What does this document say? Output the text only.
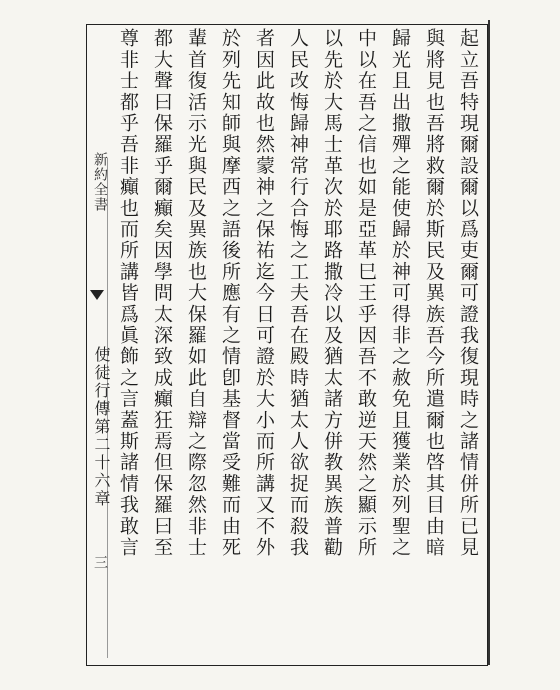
新約全書
使徒行傳第二十六章
三
起立吾特現爾設爾以爲吏爾可證我復現時之諸情併所已見
與將見也吾將救爾於斯民及異族吾今所遣爾也啓其目由暗
歸光且出撒殫之能使歸於神可得非之赦免且獲業於列聖之
中以在吾之信也如是亞革巳王乎因吾不敢逆天然之顯示所
以先於大馬士革次於耶路撒冷以及猶太諸方併教異族普勸
人民改悔歸神常行合悔之工夫吾在殿時猶太人欲捉而殺我
者因此故也然蒙神之保祐迄今日可證於大小而所講又不外
於列先知師與摩西之語後所應有之情卽基督當受難而由死
輩首復活示光與民及異族也大保羅如此自辯之際忽然非士
都大聲曰保羅乎爾癲矣因學問太深致成癲狂焉但保羅曰至
尊非士都乎吾非癲也而所講皆爲眞飾之言蓋斯諸情我敢言
